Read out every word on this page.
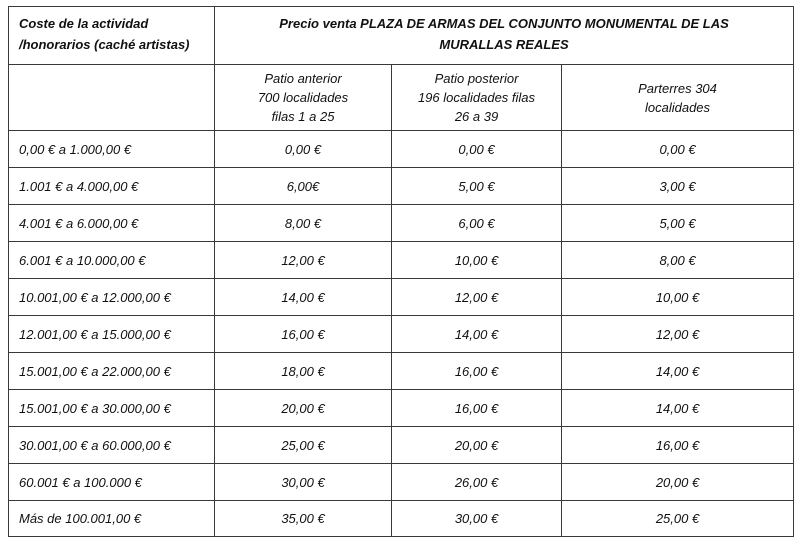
Coste de la actividad
/honorarios (caché artistas)	Precio venta PLAZA DE ARMAS DEL CONJUNTO MONUMENTAL DE LAS
MURALLAS REALES		

	Patio anterior
700 localidades
filas 1 a 25	Patio posterior
196 localidades filas
26 a 39	Parterres 304
localidades

0,00 € a 1.000,00 €	0,00 €	0,00 €	0,00 €
1.001 € a 4.000,00 €	6,00€	5,00 €	3,00 €
4.001 € a 6.000,00 €	8,00 €	6,00 €	5,00 €
6.001 € a 10.000,00 €	12,00 €	10,00 €	8,00 €
10.001,00 € a 12.000,00 €	14,00 €	12,00 €	10,00 €
12.001,00 € a 15.000,00 €	16,00 €	14,00 €	12,00 €
15.001,00 € a 22.000,00 €	18,00 €	16,00 €	14,00 €
15.001,00 € a 30.000,00 €	20,00 €	16,00 €	14,00 €
30.001,00 € a 60.000,00 €	25,00 €	20,00 €	16,00 €
60.001 € a 100.000 €	30,00 €	26,00 €	20,00 €
Más de 100.001,00 €	35,00 €	30,00 €	25,00 €
